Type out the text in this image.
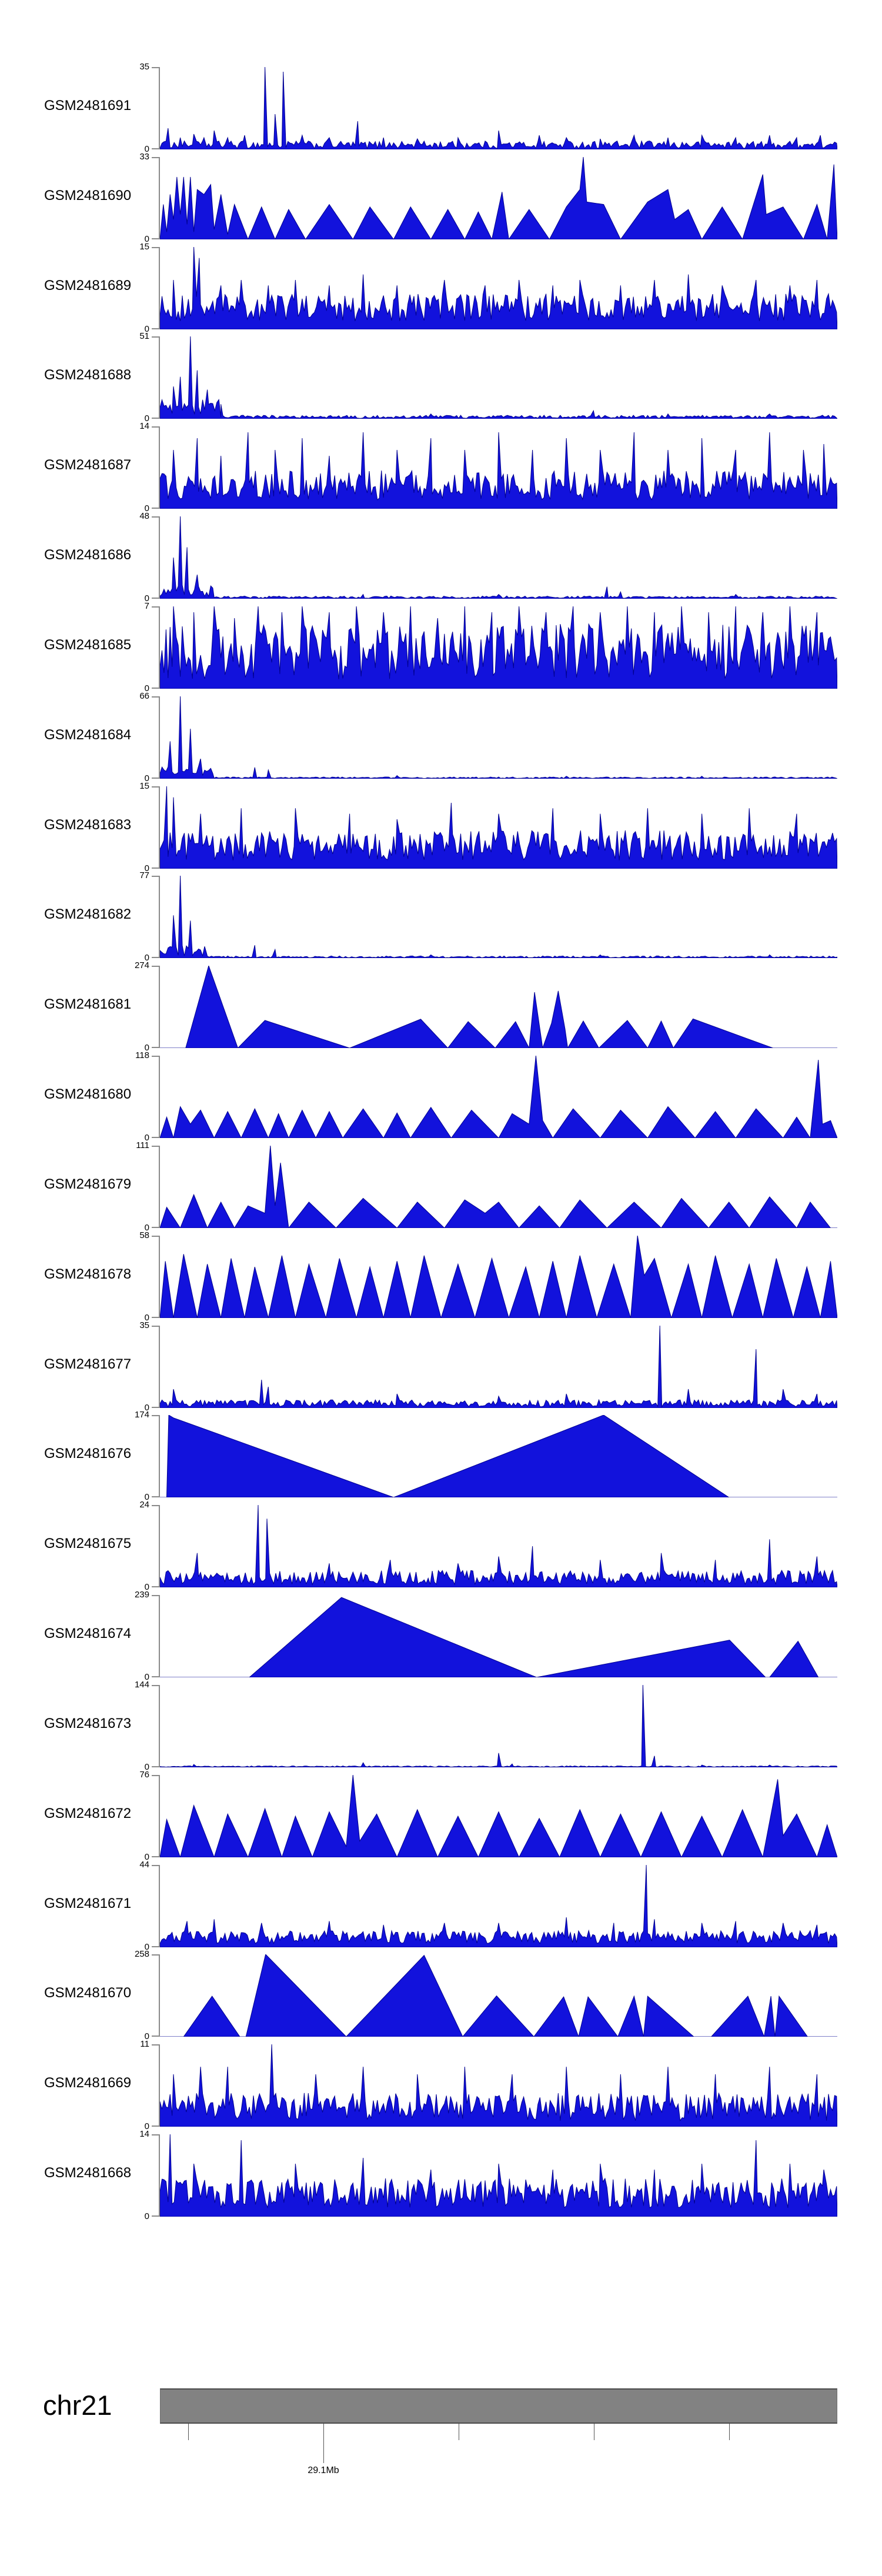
GSM2481691
35
0
GSM2481690
33
0
GSM2481689
15
0
GSM2481688
51
0
GSM2481687
14
0
GSM2481686
48
0
GSM2481685
7
0
GSM2481684
66
0
GSM2481683
15
0
GSM2481682
77
0
GSM2481681
274
0
GSM2481680
118
0
GSM2481679
111
0
GSM2481678
58
0
GSM2481677
35
0
GSM2481676
174
0
GSM2481675
24
0
GSM2481674
239
0
GSM2481673
144
0
GSM2481672
76
0
GSM2481671
44
0
GSM2481670
258
0
GSM2481669
11
0
GSM2481668
14
0
chr21
29.1Mb
